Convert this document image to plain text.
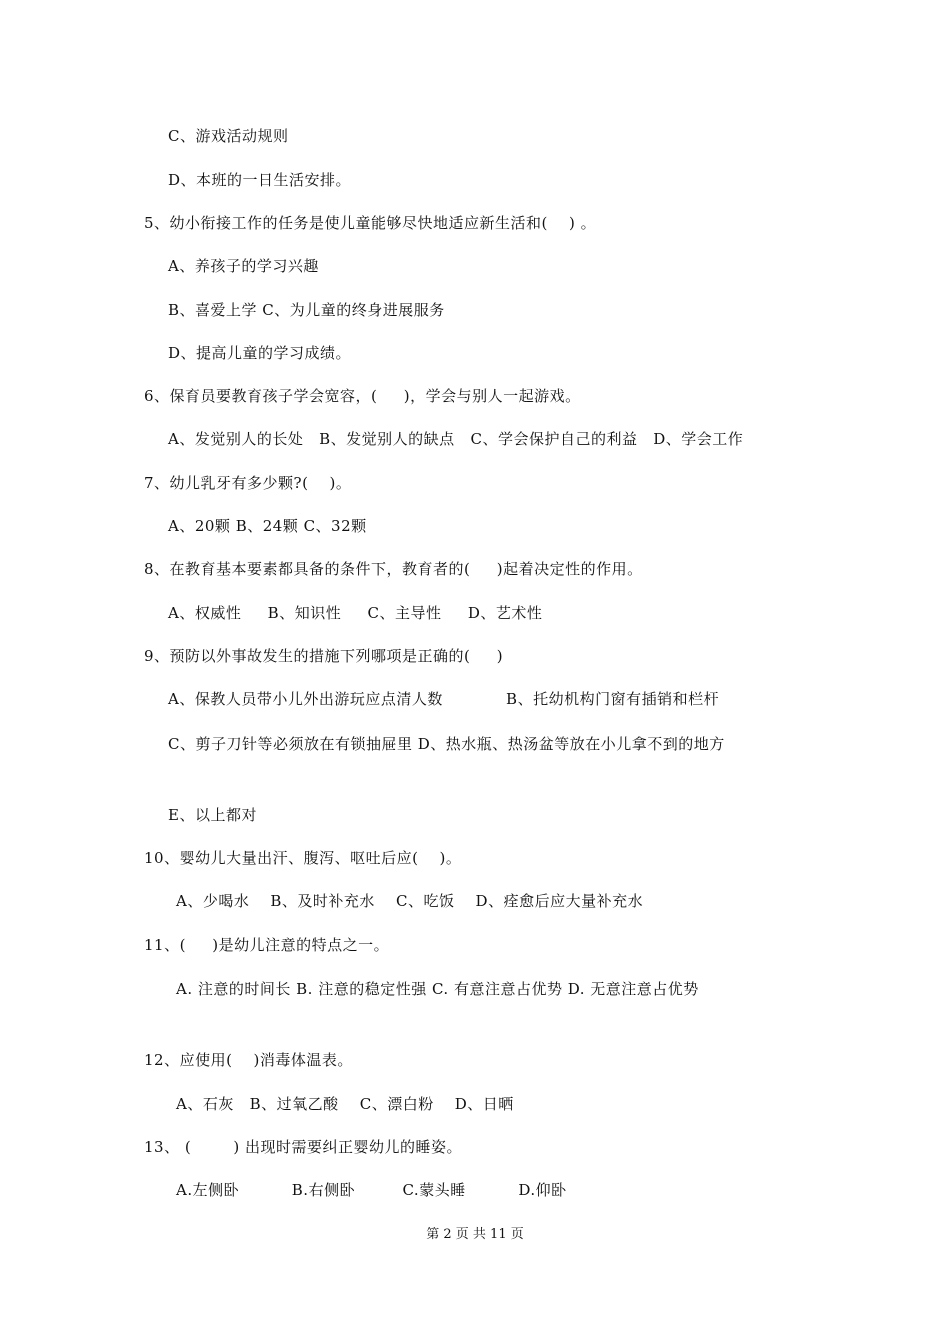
C、游戏活动规则
D、本班的一日生活安排。
5、幼小衔接工作的任务是使儿童能够尽快地适应新生活和(    ) 。
A、养孩子的学习兴趣
B、喜爱上学 C、为儿童的终身进展服务
D、提高儿童的学习成绩。
6、保育员要教育孩子学会宽容，(     )，学会与别人一起游戏。
A、发觉别人的长处   B、发觉别人的缺点   C、学会保护自己的利益   D、学会工作
7、幼儿乳牙有多少颗?(    )。
A、20颗 B、24颗 C、32颗
8、在教育基本要素都具备的条件下，教育者的(     )起着决定性的作用。
A、权威性     B、知识性     C、主导性     D、艺术性
9、预防以外事故发生的措施下列哪项是正确的(     )
A、保教人员带小儿外出游玩应点清人数            B、托幼机构门窗有插销和栏杆
C、剪子刀针等必须放在有锁抽屉里 D、热水瓶、热汤盆等放在小儿拿不到的地方
E、以上都对
10、婴幼儿大量出汗、腹泻、呕吐后应(    )。
A、少喝水    B、及时补充水    C、吃饭    D、痊愈后应大量补充水
11、(     )是幼儿注意的特点之一。
A. 注意的时间长 B. 注意的稳定性强 C. 有意注意占优势 D. 无意注意占优势
12、应使用(    )消毒体温表。
A、石灰   B、过氧乙酸    C、漂白粉    D、日晒
13、 (        ) 出现时需要纠正婴幼儿的睡姿。
A.左侧卧          B.右侧卧         C.蒙头睡          D.仰卧
第 2 页 共 11 页
